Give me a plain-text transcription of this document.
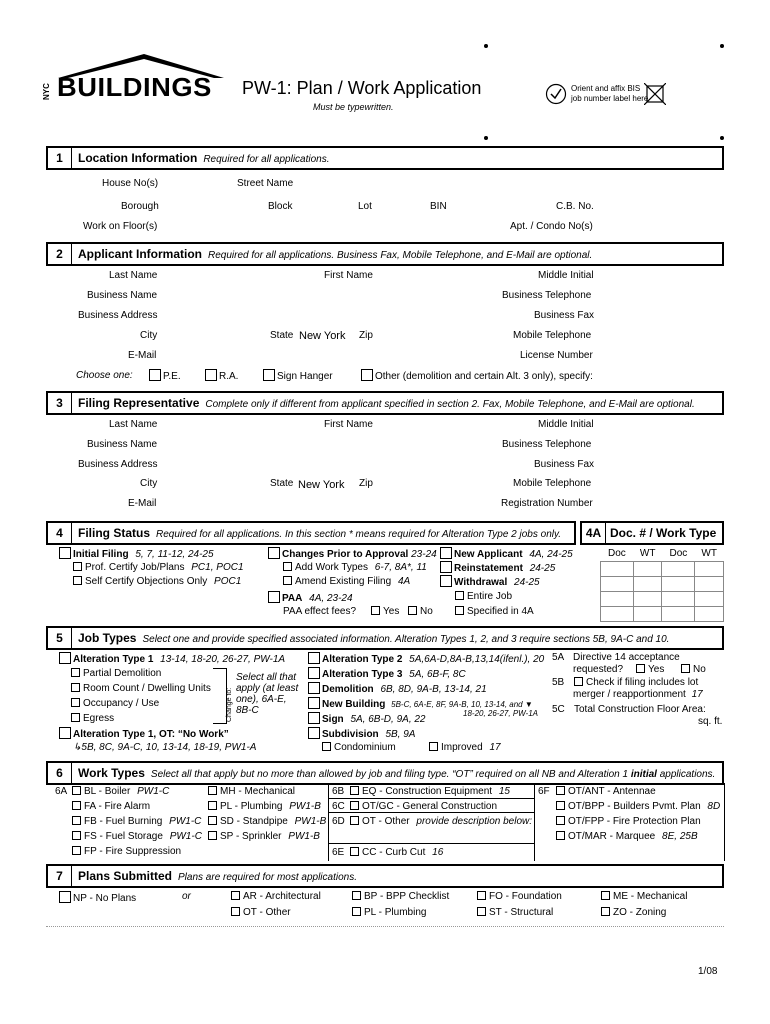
NYC BUILDINGS PW-1: Plan / Work Application
Must be typewritten.
Orient and affix BIS
job number label here
1	Location Information Required for all applications.
House No(s)	Street Name
Borough	Block	Lot	BIN	C.B. No.
Work on Floor(s)	Apt. / Condo No(s)
2	Applicant Information Required for all applications. Business Fax, Mobile Telephone, and E-Mail are optional.
Last Name	First Name	Middle Initial
Business Name	Business Telephone
Business Address	Business Fax
City	State New York Zip	Mobile Telephone
E-Mail	License Number
Choose one:	P.E.	R.A.	Sign Hanger	Other (demolition and certain Alt. 3 only), specify:
3	Filing Representative Complete only if different from applicant specified in section 2. Fax, Mobile Telephone, and E-Mail are optional.
Last Name	First Name	Middle Initial
Business Name	Business Telephone
Business Address	Business Fax
City	State New York Zip	Mobile Telephone
E-Mail	Registration Number
4	Filing Status Required for all applications. In this section * means required for Alteration Type 2 jobs only.	4A Doc. # / Work Type
Initial Filing 5, 7, 11-12, 24-25
Prof. Certify Job/Plans PC1, POC1
Self Certify Objections Only POC1
Changes Prior to Approval 23-24
Add Work Types 6-7, 8A*, 11
Amend Existing Filing 4A
PAA 4A, 23-24
PAA effect fees?	Yes	No
New Applicant 4A, 24-25
Reinstatement 24-25
Withdrawal 24-25
Entire Job
Specified in 4A
Doc	WT	Doc	WT

5	Job Types Select one and provide specified associated information. Alteration Types 1, 2, and 3 require sections 5B, 9A-C and 10.
Alteration Type 1 13-14, 18-20, 26-27, PW-1A
Partial Demolition
Room Count / Dwelling Units
Occupancy / Use
Egress	Change to:
Select all that
apply (at least
one), 6A-E,
8B-C
Alteration Type 1, OT: “No Work”
↳5B, 8C, 9A-C, 10, 13-14, 18-19, PW1-A
Alteration Type 2 5A,6A-D,8A-B,13,14(ifenl.), 20
Alteration Type 3 5A, 6B-F, 8C
Demolition 6B, 8D, 9A-B, 13-14, 21
New Building 5B-C, 6A-E, 8F, 9A-B, 10, 13-14, and ▼
18-20, 26-27, PW-1A
Sign 5A, 6B-D, 9A, 22
Subdivision 5B, 9A
Condominium	Improved 17
5A Directive 14 acceptance
requested?	Yes	No
5B	Check if filing includes lot
merger / reapportionment 17
5C Total Construction Floor Area:
sq. ft.
6	Work Types Select all that apply but no more than allowed by job and filing type. “OT” required on all NB and Alteration 1 initial applications.
6A	BL - Boiler PW1-C
FA - Fire Alarm
FB - Fuel Burning PW1-C
FS - Fuel Storage PW1-C
FP - Fire Suppression
MH - Mechanical
PL - Plumbing PW1-B
SD - Standpipe PW1-B
SP - Sprinkler PW1-B
6B	EQ - Construction Equipment 15
6C	OT/GC - General Construction
6D	OT - Other provide description below:
6E	CC - Curb Cut 16
6F	OT/ANT - Antennae
OT/BPP - Builders Pvmt. Plan 8D
OT/FPP - Fire Protection Plan
OT/MAR - Marquee 8E, 25B
7	Plans Submitted Plans are required for most applications.
NP - No Plans	or	AR - Architectural
OT - Other
BP - BPP Checklist
PL - Plumbing
FO - Foundation
ST - Structural
ME - Mechanical
ZO - Zoning
1/08
